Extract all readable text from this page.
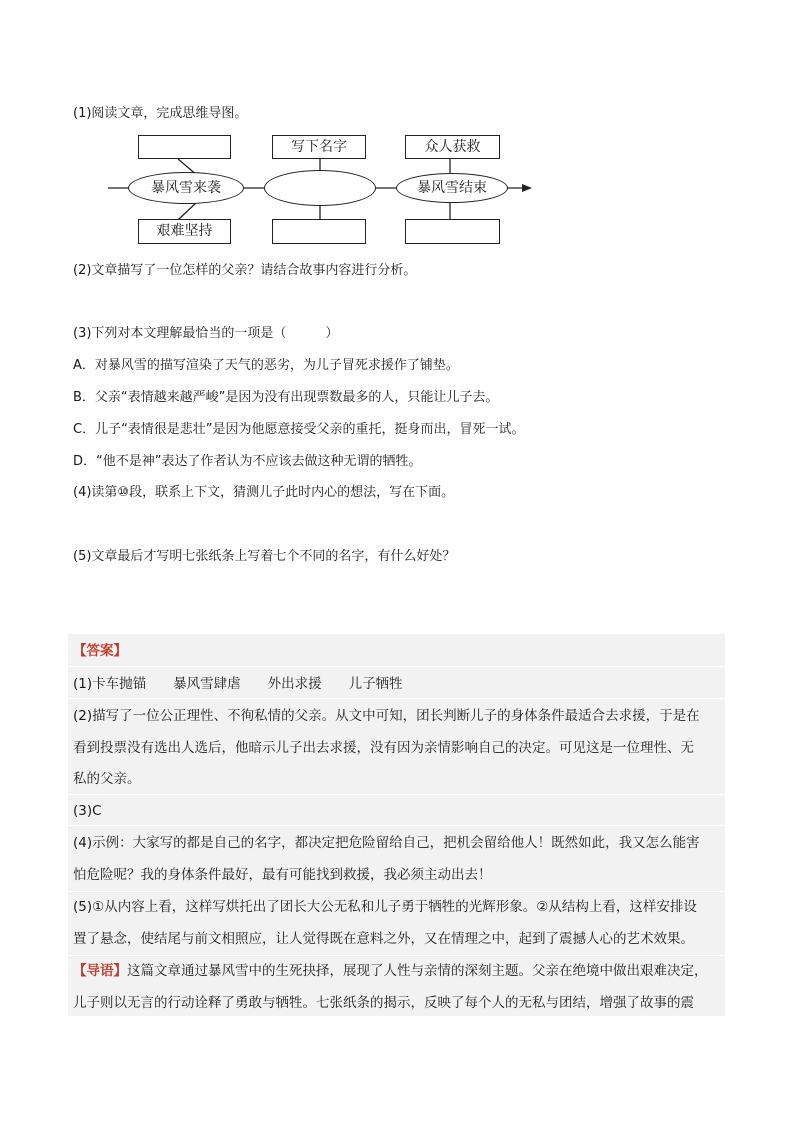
(1)阅读文章，完成思维导图。
写下名字	众人获救
暴风雪来袭	暴风雪结束
艰难坚持
(2)文章描写了一位怎样的父亲？请结合故事内容进行分析。
(3)下列对本文理解最恰当的一项是（　　　）
A．对暴风雪的描写渲染了天气的恶劣，为儿子冒死求援作了铺垫。
B．父亲“表情越来越严峻”是因为没有出现票数最多的人，只能让儿子去。
C．儿子“表情很是悲壮”是因为他愿意接受父亲的重托，挺身而出，冒死一试。
D．“他不是神”表达了作者认为不应该去做这种无谓的牺牲。
(4)读第⑩段，联系上下文，猜测儿子此时内心的想法，写在下面。
(5)文章最后才写明七张纸条上写着七个不同的名字，有什么好处？
【答案】
(1)卡车抛锚　　暴风雪肆虐　　外出求援　　儿子牺牲
(2)描写了一位公正理性、不徇私情的父亲。从文中可知，团长判断儿子的身体条件最适合去求援，于是在
看到投票没有选出人选后，他暗示儿子出去求援，没有因为亲情影响自己的决定。可见这是一位理性、无
私的父亲。
(3)C
(4)示例：大家写的都是自己的名字，都决定把危险留给自己，把机会留给他人！既然如此，我又怎么能害
怕危险呢？我的身体条件最好，最有可能找到救援，我必须主动出去！
(5)①从内容上看，这样写烘托出了团长大公无私和儿子勇于牺牲的光辉形象。②从结构上看，这样安排设
置了悬念，使结尾与前文相照应，让人觉得既在意料之外，又在情理之中，起到了震撼人心的艺术效果。
【导语】这篇文章通过暴风雪中的生死抉择，展现了人性与亲情的深刻主题。父亲在绝境中做出艰难决定，
儿子则以无言的行动诠释了勇敢与牺牲。七张纸条的揭示，反映了每个人的无私与团结，增强了故事的震
